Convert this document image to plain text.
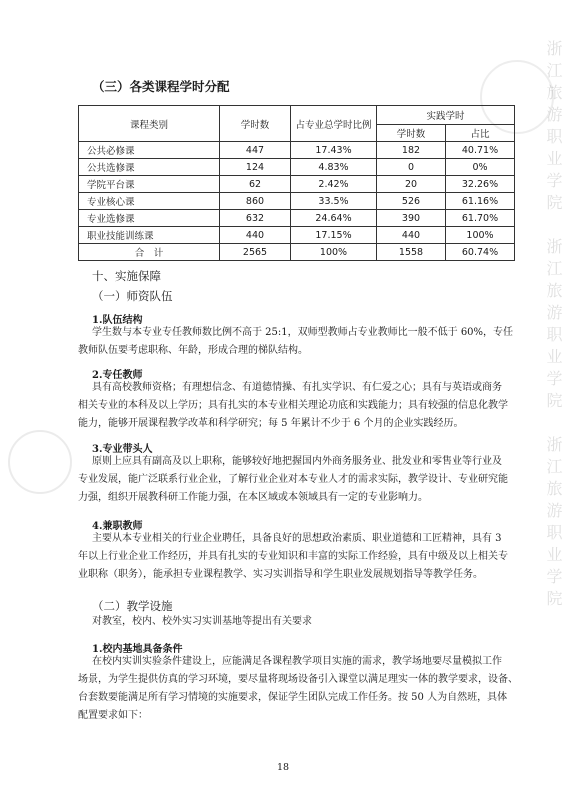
浙江旅游职业学院　浙江旅游职业学院　浙江旅游职业学院
（三）各类课程学时分配
课程类别	学时数	占专业总学时比例	实践学时	
			学时数	占比
公共必修课	447	17.43%	182	40.71%
公共选修课	124	4.83%	0	0%
学院平台课	62	2.42%	20	32.26%
专业核心课	860	33.5%	526	61.16%
专业选修课	632	24.64%	390	61.70%
职业技能训练课	440	17.15%	440	100%
合　计	2565	100%	1558	60.74%
十、实施保障
（一）师资队伍
1.队伍结构
学生数与本专业专任教师数比例不高于 25:1，双师型教师占专业教师比一般不低于 60%，专任
教师队伍要考虑职称、年龄，形成合理的梯队结构。
2.专任教师
具有高校教师资格；有理想信念、有道德情操、有扎实学识、有仁爱之心；具有与英语或商务
相关专业的本科及以上学历；具有扎实的本专业相关理论功底和实践能力；具有较强的信息化教学
能力，能够开展课程教学改革和科学研究；每 5 年累计不少于 6 个月的企业实践经历。
3.专业带头人
原则上应具有副高及以上职称，能够较好地把握国内外商务服务业、批发业和零售业等行业及
专业发展，能广泛联系行业企业，了解行业企业对本专业人才的需求实际，教学设计、专业研究能
力强，组织开展教科研工作能力强，在本区域或本领域具有一定的专业影响力。
4.兼职教师
主要从本专业相关的行业企业聘任，具备良好的思想政治素质、职业道德和工匠精神，具有 3
年以上行业企业工作经历，并具有扎实的专业知识和丰富的实际工作经验，具有中级及以上相关专
业职称（职务），能承担专业课程教学、实习实训指导和学生职业发展规划指导等教学任务。
（二）教学设施
对教室，校内、校外实习实训基地等提出有关要求
1.校内基地具备条件
在校内实训实验条件建设上，应能满足各课程教学项目实施的需求，教学场地要尽量模拟工作
场景，为学生提供仿真的学习环境，要尽量将现场设备引入课堂以满足理实一体的教学要求，设备、
台套数要能满足所有学习情境的实施要求，保证学生团队完成工作任务。按 50 人为自然班，具体
配置要求如下：
18
